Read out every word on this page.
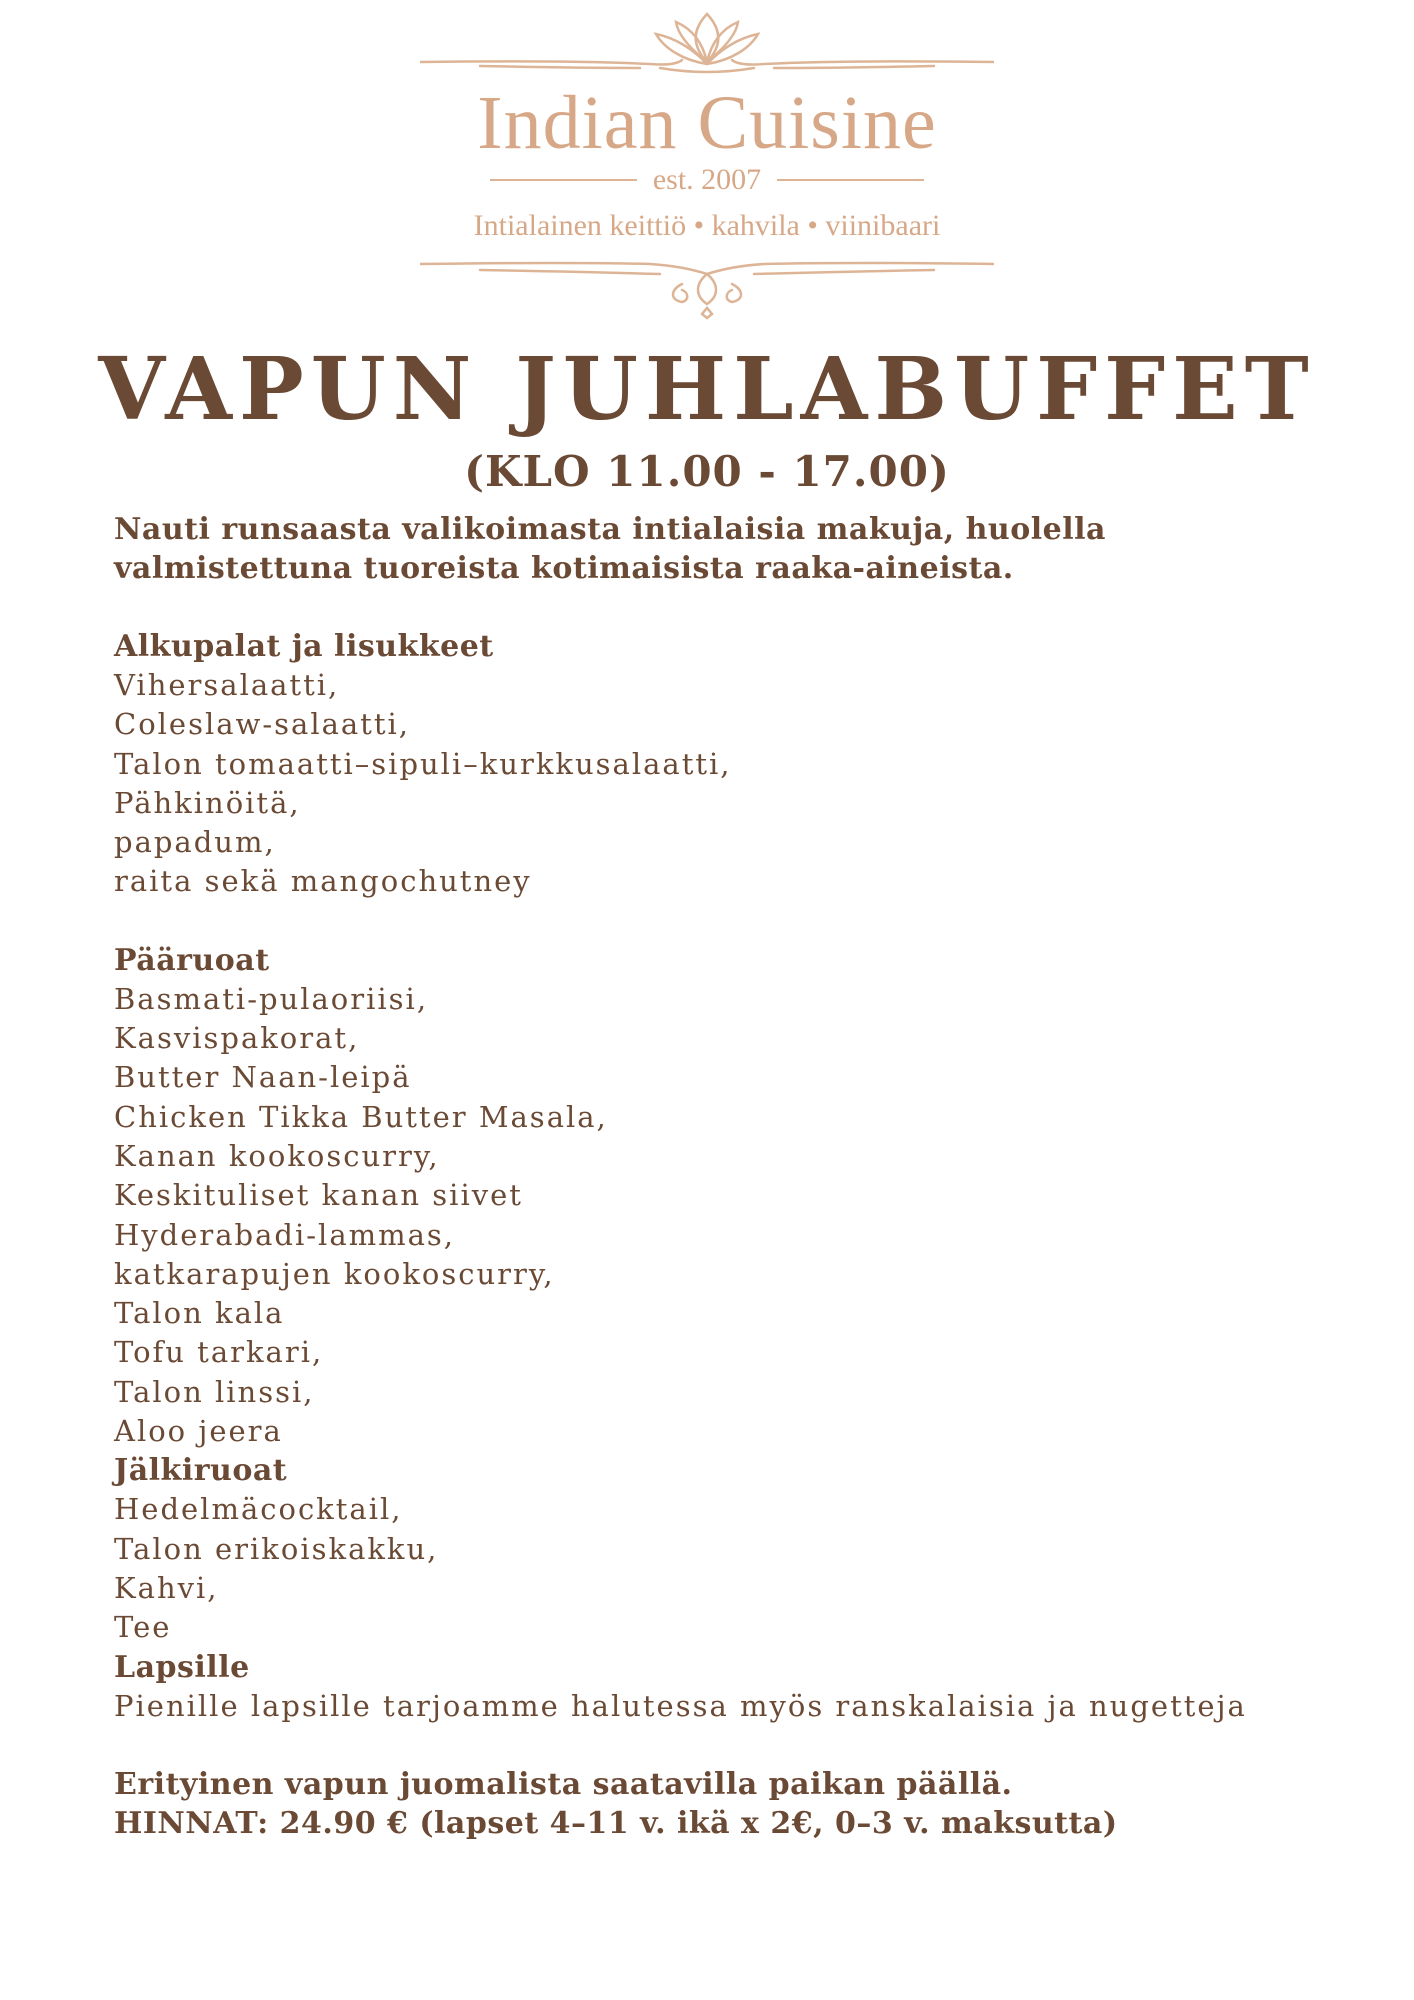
Indian Cuisine
est. 2007
Intialainen keittiö • kahvila • viinibaari
VAPUN JUHLABUFFET
(KLO 11.00 - 17.00)

Nauti runsaasta valikoimasta intialaisia makuja, huolella
valmistettuna tuoreista kotimaisista raaka-aineista.

Alkupalat ja lisukkeet
Vihersalaatti,
Coleslaw-salaatti,
Talon tomaatti–sipuli–kurkkusalaatti,
Pähkinöitä,
papadum,
raita sekä mangochutney
Pääruoat
Basmati-pulaoriisi,
Kasvispakorat,
Butter Naan-leipä
Chicken Tikka Butter Masala,
Kanan kookoscurry,
Keskituliset kanan siivet
Hyderabadi-lammas,
katkarapujen kookoscurry,
Talon kala
Tofu tarkari,
Talon linssi,
Aloo jeera
Jälkiruoat
Hedelmäcocktail,
Talon erikoiskakku,
Kahvi,
Tee
Lapsille
Pienille lapsille tarjoamme halutessa myös ranskalaisia ja nugetteja
Erityinen vapun juomalista saatavilla paikan päällä.
HINNAT: 24.90 € (lapset 4–11 v. ikä x 2€, 0–3 v. maksutta)
